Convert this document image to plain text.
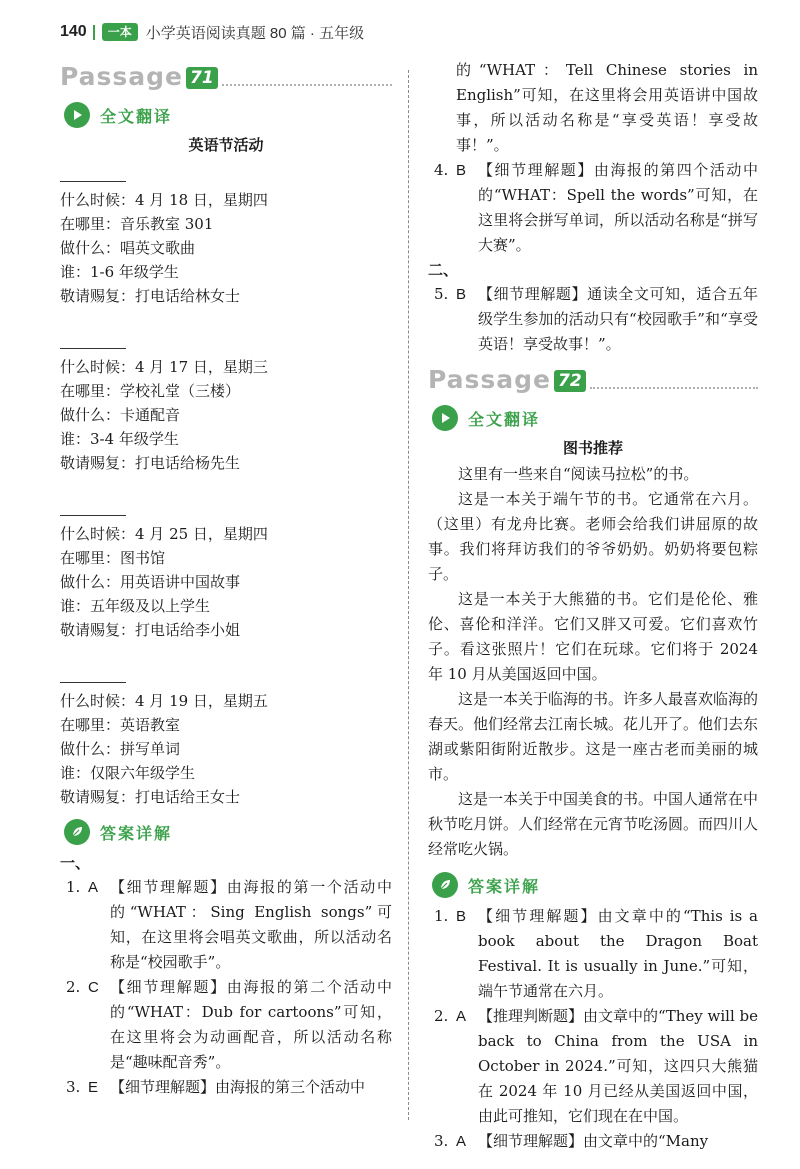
140	一本 小学英语阅读真题 80 篇 · 五年级
Passage 71
全文翻译
英语节活动
什么时候：4 月 18 日，星期四
在哪里：音乐教室 301
做什么：唱英文歌曲
谁：1-6 年级学生
敬请赐复：打电话给林女士
什么时候：4 月 17 日，星期三
在哪里：学校礼堂（三楼）
做什么：卡通配音
谁：3-4 年级学生
敬请赐复：打电话给杨先生
什么时候：4 月 25 日，星期四
在哪里：图书馆
做什么：用英语讲中国故事
谁：五年级及以上学生
敬请赐复：打电话给李小姐
什么时候：4 月 19 日，星期五
在哪里：英语教室
做什么：拼写单词
谁：仅限六年级学生
敬请赐复：打电话给王女士
答案详解
一、
1. A 【细节理解题】由海报的第一个活动中的“WHAT：Sing English songs”可知，在这里将会唱英文歌曲，所以活动名称是“校园歌手”。
2. C 【细节理解题】由海报的第二个活动中的“WHAT：Dub for cartoons”可知，在这里将会为动画配音，所以活动名称是“趣味配音秀”。
3. E 【细节理解题】由海报的第三个活动中
的“WHAT：Tell Chinese stories in English”可知，在这里将会用英语讲中国故事，所以活动名称是“享受英语！享受故事！”。
4. B 【细节理解题】由海报的第四个活动中的“WHAT：Spell the words”可知，在这里将会拼写单词，所以活动名称是“拼写大赛”。
二、
5. B 【细节理解题】通读全文可知，适合五年级学生参加的活动只有“校园歌手”和“享受英语！享受故事！”。
Passage 72
全文翻译
图书推荐
这里有一些来自“阅读马拉松”的书。
这是一本关于端午节的书。它通常在六月。（这里）有龙舟比赛。老师会给我们讲屈原的故事。我们将拜访我们的爷爷奶奶。奶奶将要包粽子。
这是一本关于大熊猫的书。它们是伦伦、雅伦、喜伦和洋洋。它们又胖又可爱。它们喜欢竹子。看这张照片！它们在玩球。它们将于 2024 年 10 月从美国返回中国。
这是一本关于临海的书。许多人最喜欢临海的春天。他们经常去江南长城。花儿开了。他们去东湖或紫阳街附近散步。这是一座古老而美丽的城市。
这是一本关于中国美食的书。中国人通常在中秋节吃月饼。人们经常在元宵节吃汤圆。而四川人经常吃火锅。
答案详解
1. B 【细节理解题】由文章中的“This is a book about the Dragon Boat Festival. It is usually in June.”可知，端午节通常在六月。
2. A 【推理判断题】由文章中的“They will be back to China from the USA in October in 2024.”可知，这四只大熊猫在 2024 年 10 月已经从美国返回中国，由此可推知，它们现在在中国。
3. A 【细节理解题】由文章中的“Many
